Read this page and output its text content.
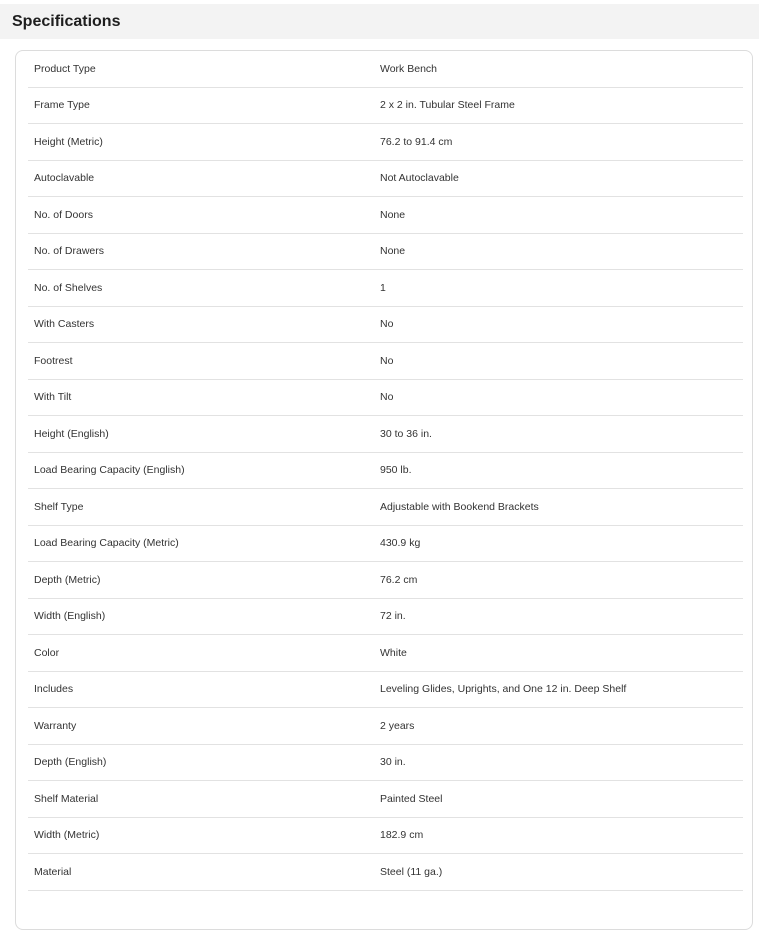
Specifications
Product Type	Work Bench
Frame Type	2 x 2 in. Tubular Steel Frame
Height (Metric)	76.2 to 91.4 cm
Autoclavable	Not Autoclavable
No. of Doors	None
No. of Drawers	None
No. of Shelves	1
With Casters	No
Footrest	No
With Tilt	No
Height (English)	30 to 36 in.
Load Bearing Capacity (English)	950 lb.
Shelf Type	Adjustable with Bookend Brackets
Load Bearing Capacity (Metric)	430.9 kg
Depth (Metric)	76.2 cm
Width (English)	72 in.
Color	White
Includes	Leveling Glides, Uprights, and One 12 in. Deep Shelf
Warranty	2 years
Depth (English)	30 in.
Shelf Material	Painted Steel
Width (Metric)	182.9 cm
Material	Steel (11 ga.)
